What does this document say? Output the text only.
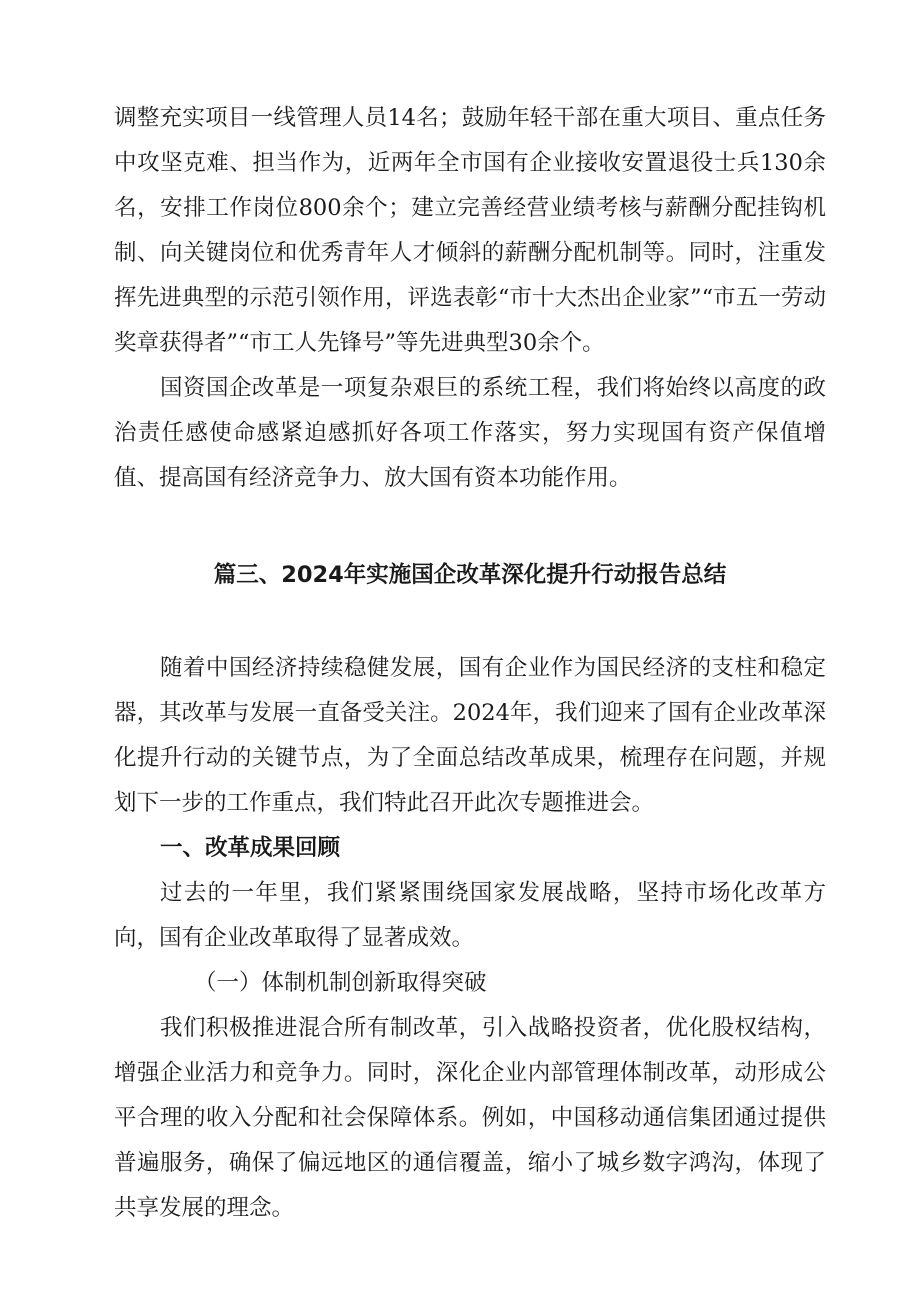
调整充实项目一线管理人员14名；鼓励年轻干部在重大项目、重点任务中攻坚克难、担当作为，近两年全市国有企业接收安置退役士兵130余名，安排工作岗位800余个；建立完善经营业绩考核与薪酬分配挂钩机制、向关键岗位和优秀青年人才倾斜的薪酬分配机制等。同时，注重发挥先进典型的示范引领作用，评选表彰“市十大杰出企业家”“市五一劳动奖章获得者”“市工人先锋号”等先进典型30余个。

国资国企改革是一项复杂艰巨的系统工程，我们将始终以高度的政治责任感使命感紧迫感抓好各项工作落实，努力实现国有资产保值增值、提高国有经济竞争力、放大国有资本功能作用。

篇三、2024年实施国企改革深化提升行动报告总结

随着中国经济持续稳健发展，国有企业作为国民经济的支柱和稳定器，其改革与发展一直备受关注。2024年，我们迎来了国有企业改革深化提升行动的关键节点，为了全面总结改革成果，梳理存在问题，并规划下一步的工作重点，我们特此召开此次专题推进会。

一、改革成果回顾

过去的一年里，我们紧紧围绕国家发展战略，坚持市场化改革方向，国有企业改革取得了显著成效。

（一）体制机制创新取得突破

我们积极推进混合所有制改革，引入战略投资者，优化股权结构，增强企业活力和竞争力。同时，深化企业内部管理体制改革，动形成公平合理的收入分配和社会保障体系。例如，中国移动通信集团通过提供普遍服务，确保了偏远地区的通信覆盖，缩小了城乡数字鸿沟，体现了共享发展的理念。
